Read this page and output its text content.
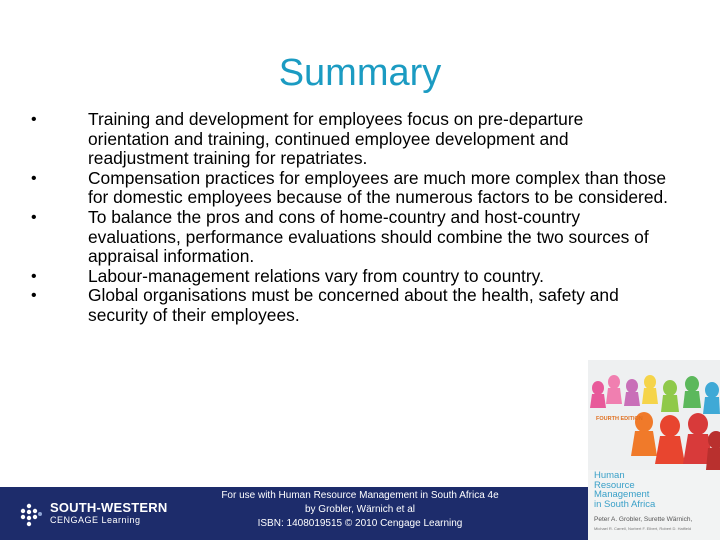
Summary
•	Training and development for employees focus on pre-departure orientation and training, continued employee development and readjustment training for repatriates.
•	Compensation practices for employees are much more complex than those for domestic employees because of the numerous factors to be considered.
•	To balance the pros and cons of home-country and host-country evaluations, performance evaluations should combine the two sources of appraisal information.
•	Labour-management relations vary from country to country.
•	Global organisations must be concerned about the health, safety and security of their employees.
SOUTH-WESTERN
CENGAGE Learning
For use with Human Resource Management in South Africa 4e
by Grobler, Wärnich et al
ISBN: 1408019515 © 2010 Cengage Learning
FOURTH EDITION
Human
Resource
Management
in South Africa
Peter A. Grobler, Surette Wärnich,
Michael R. Carrell, Norbert F. Elbert, Robert D. Hatfield
